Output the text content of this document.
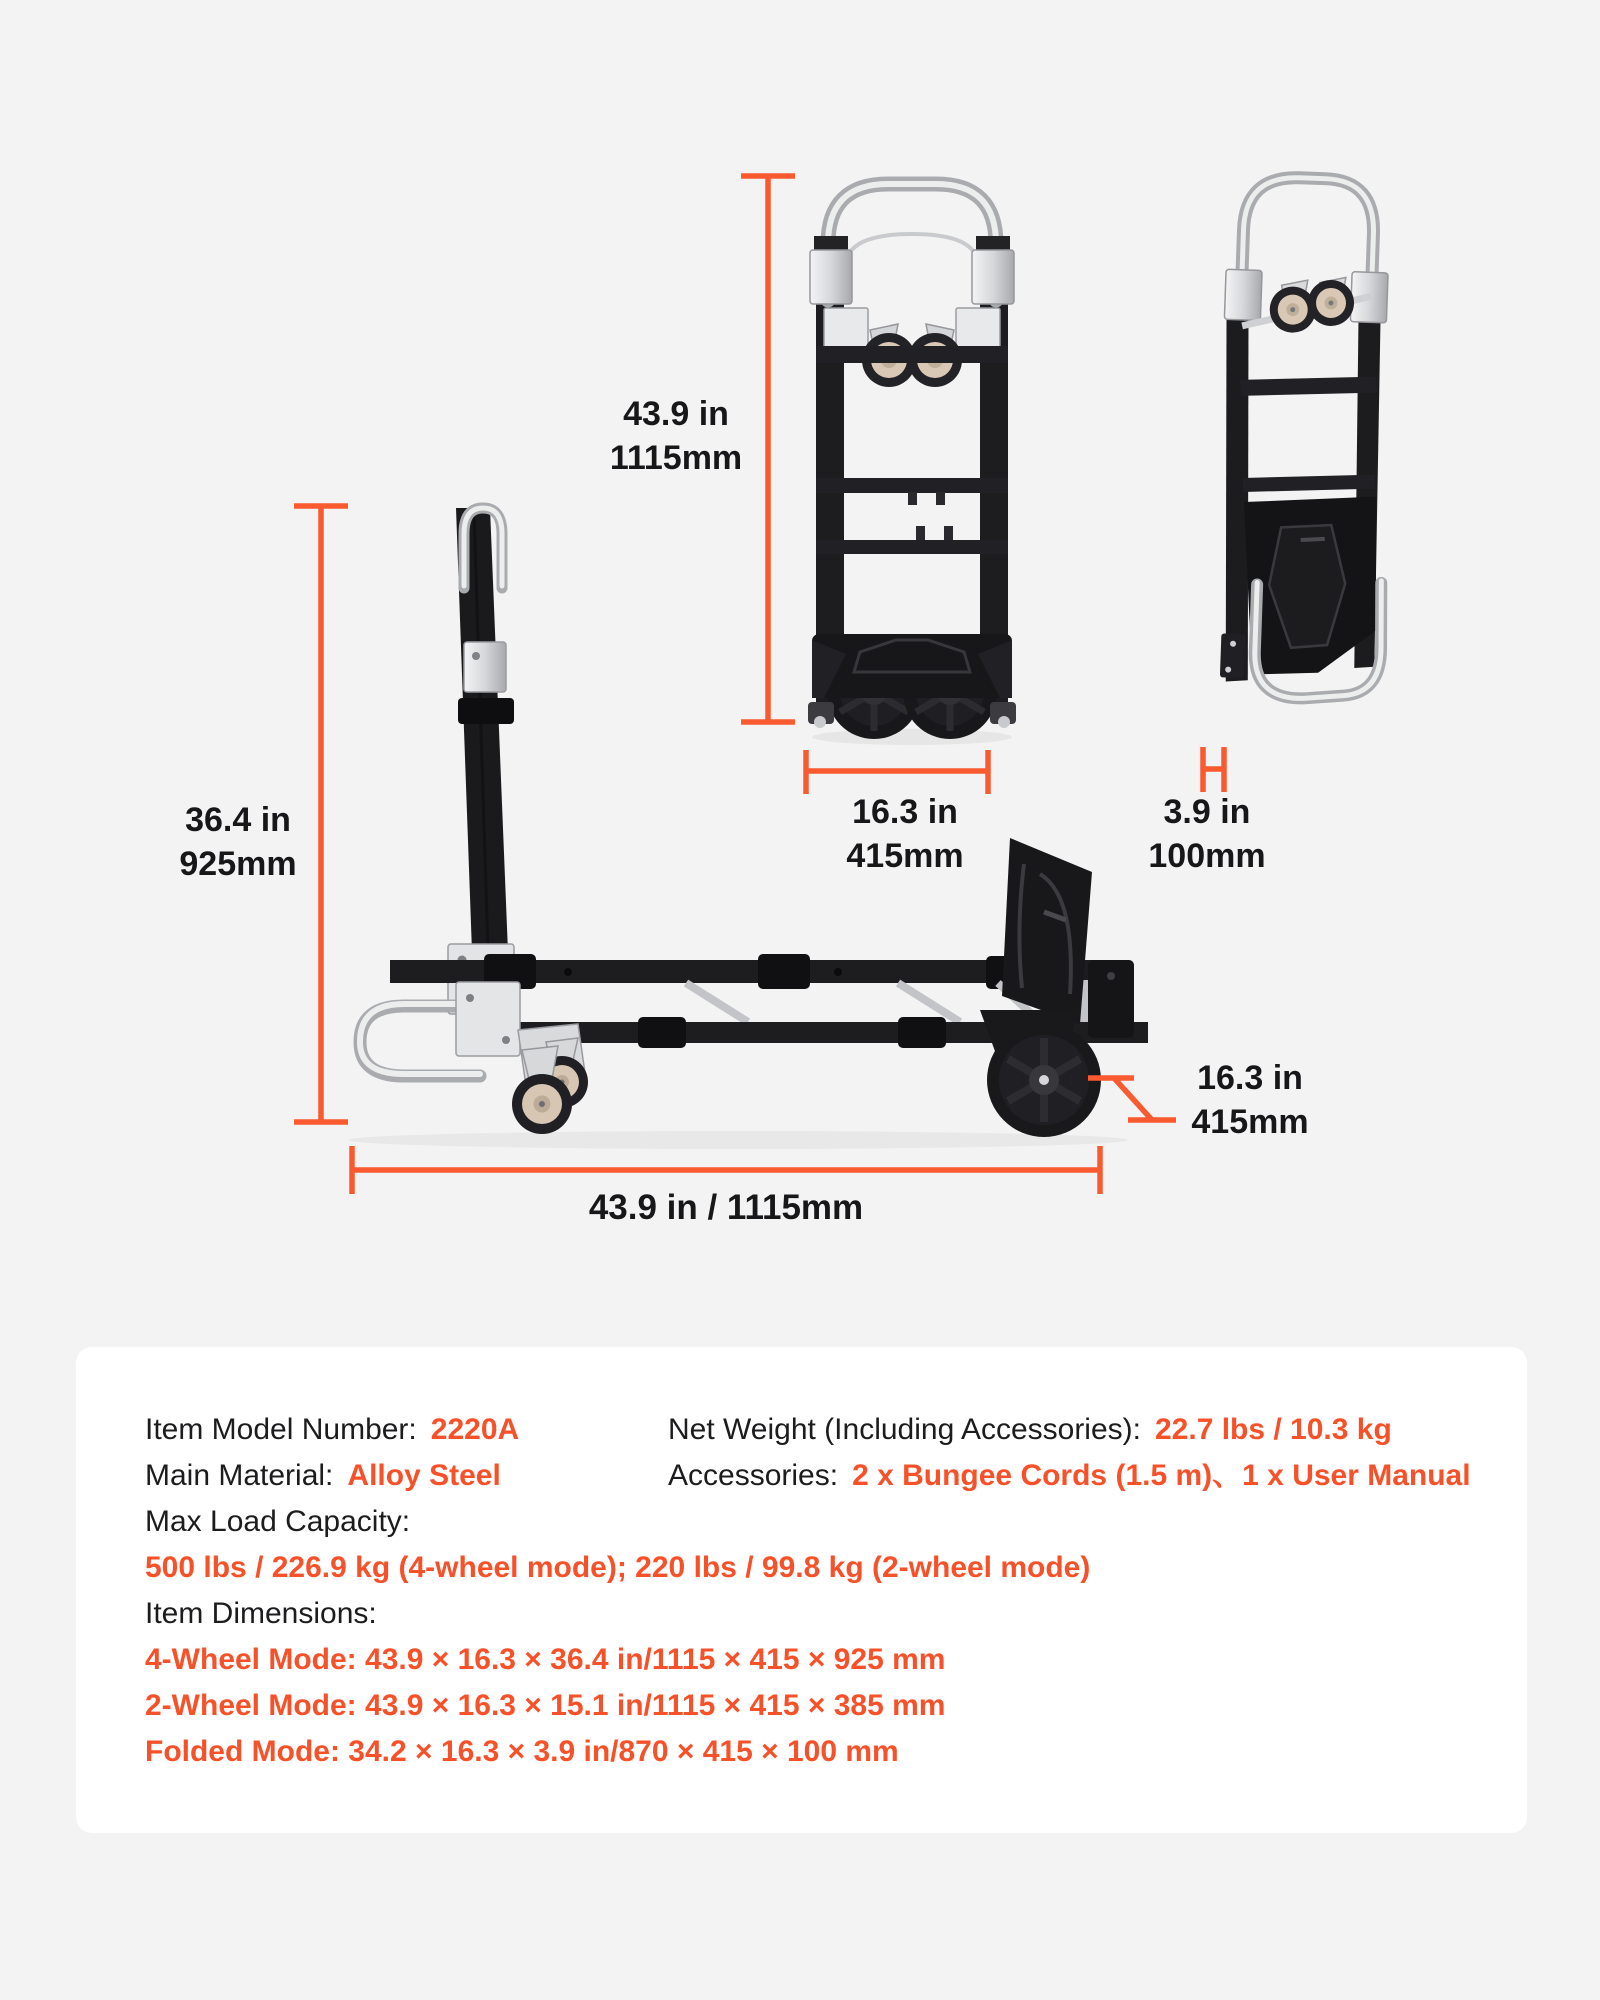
43.9 in
1115mm
16.3 in
415mm
3.9 in
100mm
36.4 in
925mm
16.3 in
415mm
43.9 in / 1115mm
Item Model Number: 2220A	Net Weight (Including Accessories): 22.7 lbs / 10.3 kg
Main Material: Alloy Steel	Accessories: 2 x Bungee Cords (1.5 m)、1 x User Manual
Max Load Capacity:
500 lbs / 226.9 kg (4-wheel mode); 220 lbs / 99.8 kg (2-wheel mode)
Item Dimensions:
4-Wheel Mode: 43.9 × 16.3 × 36.4 in/1115 × 415 × 925 mm
2-Wheel Mode: 43.9 × 16.3 × 15.1 in/1115 × 415 × 385 mm
Folded Mode: 34.2 × 16.3 × 3.9 in/870 × 415 × 100 mm
